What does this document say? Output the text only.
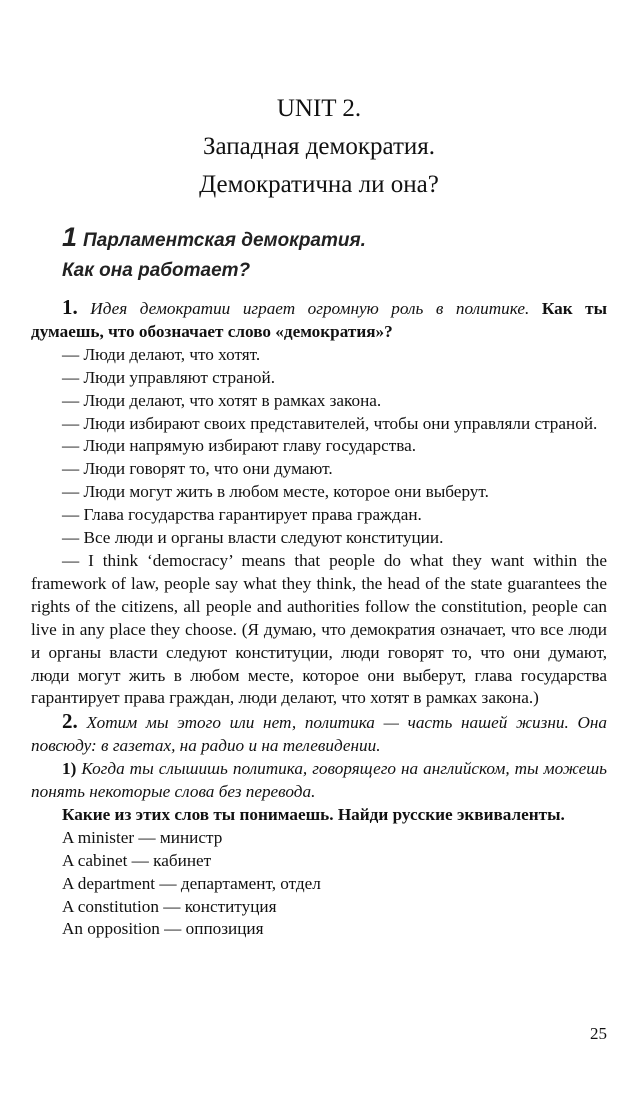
UNIT 2.
Западная демократия.
Демократична ли она?
1 Парламентская демократия.
Как она работает?

1. Идея демократии играет огромную роль в политике. Как ты думаешь, что обозначает слово «демократия»?

— Люди делают, что хотят.

— Люди управляют страной.

— Люди делают, что хотят в рамках закона.

— Люди избирают своих представителей, чтобы они управляли страной.

— Люди напрямую избирают главу государства.

— Люди говорят то, что они думают.

— Люди могут жить в любом месте, которое они выберут.

— Глава государства гарантирует права граждан.

— Все люди и органы власти следуют конституции.

— I think ‘democracy’ means that people do what they want within the framework of law, people say what they think, the head of the state guarantees the rights of the citizens, all people and authorities follow the constitution, people can live in any place they choose. (Я думаю, что демократия означает, что все люди и органы власти следуют конституции, люди говорят то, что они думают, люди могут жить в любом месте, которое они выберут, глава государства гарантирует права граждан, люди делают, что хотят в рамках закона.)

2. Хотим мы этого или нет, политика — часть нашей жизни. Она повсюду: в газетах, на радио и на телевидении.

1) Когда ты слышишь политика, говорящего на английском, ты можешь понять некоторые слова без перевода.

Какие из этих слов ты понимаешь. Найди русские эквиваленты.

A minister — министр

A cabinet — кабинет

A department — департамент, отдел

A constitution — конституция

An opposition — оппозиция

25
